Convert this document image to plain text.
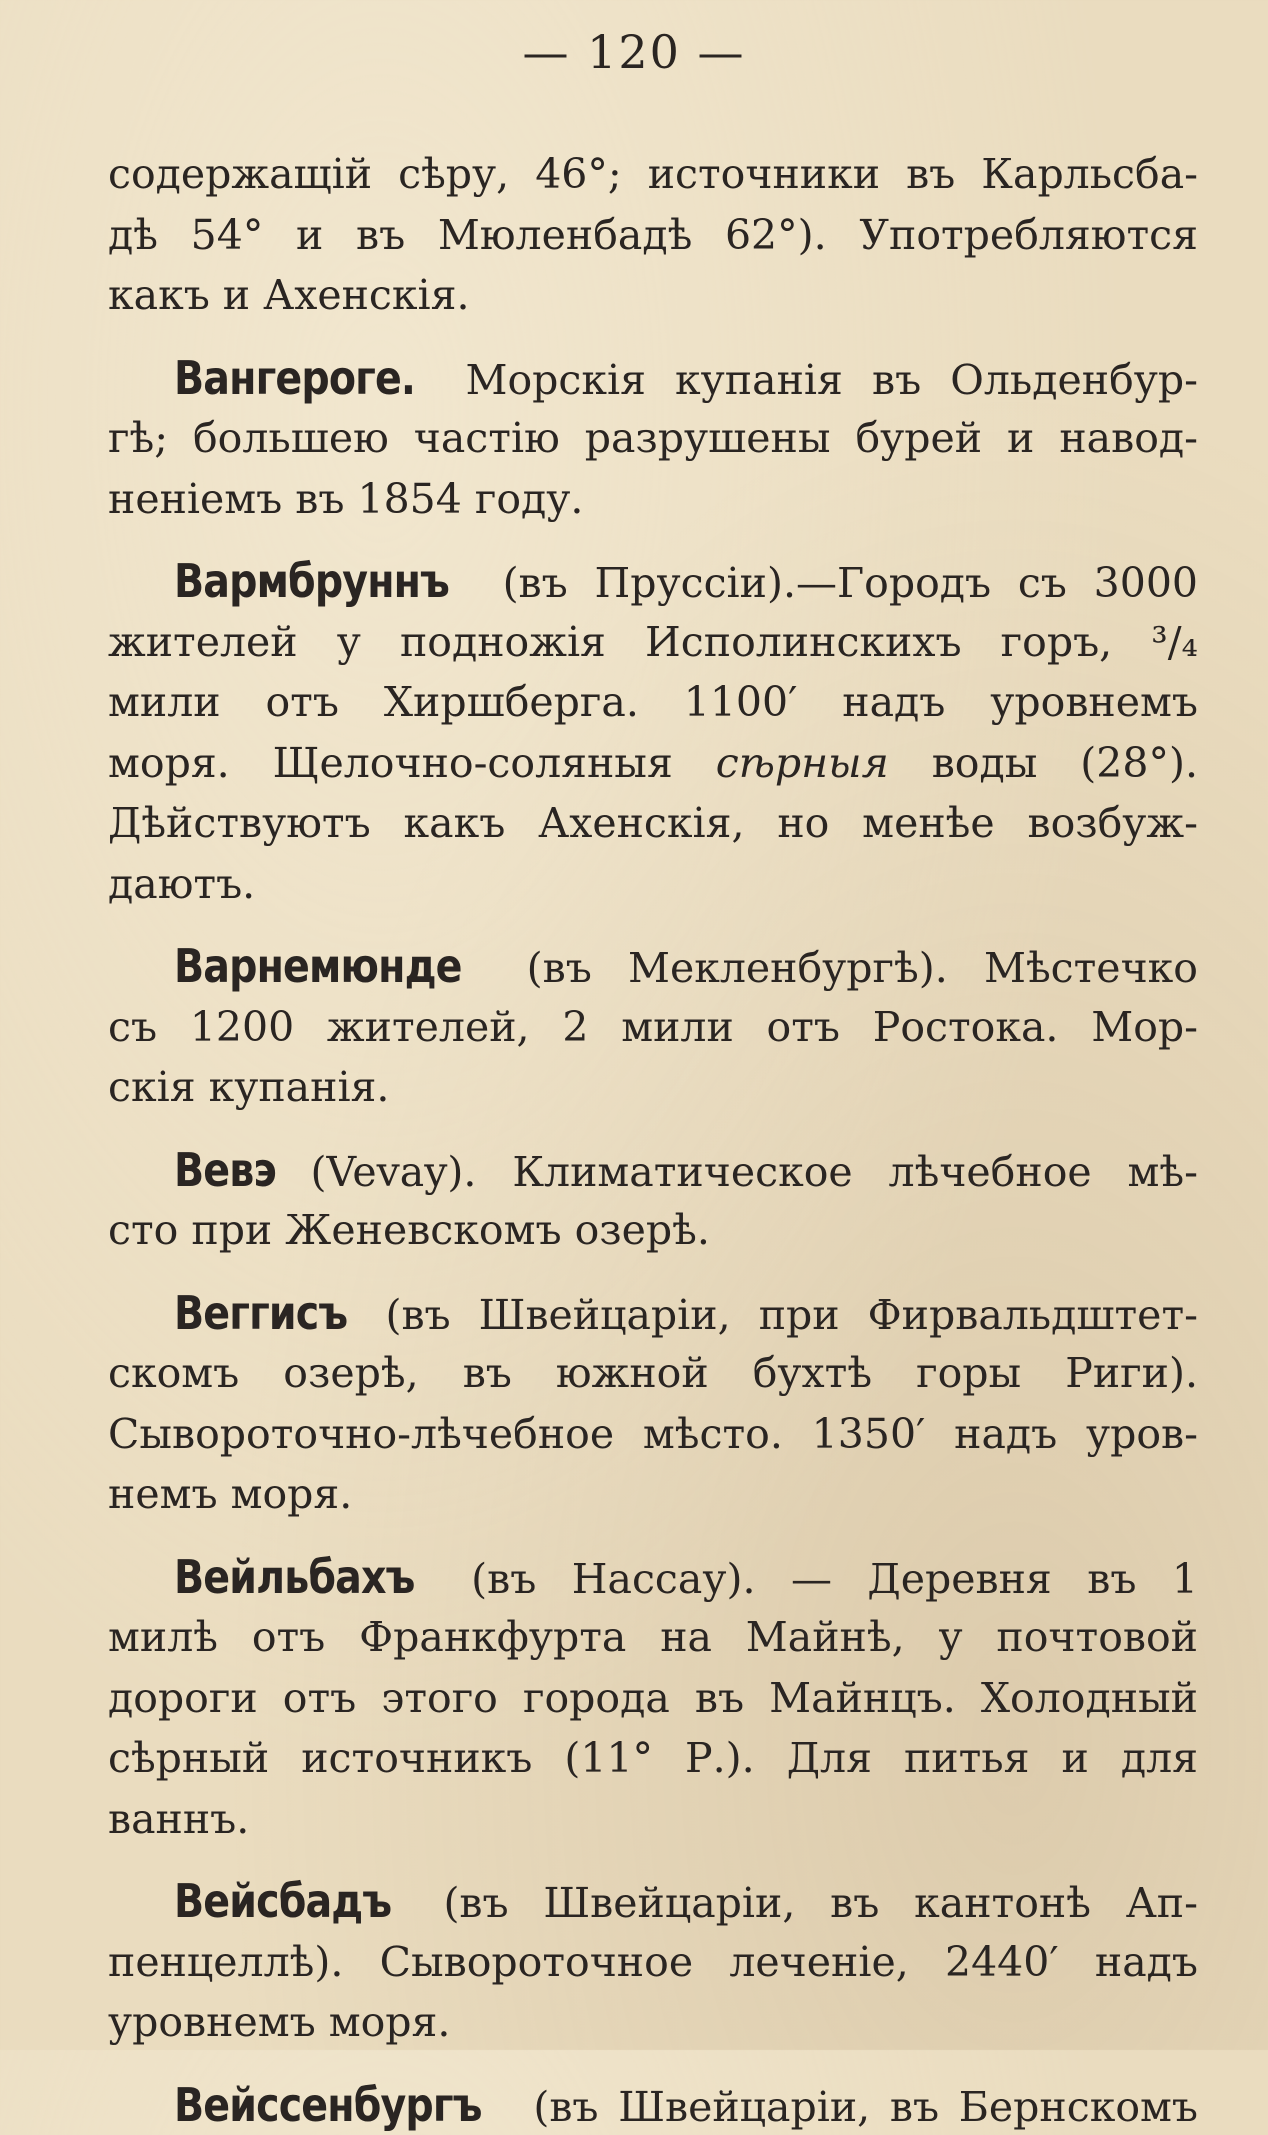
— 120 —
содержащій сѣру, 46°; источники въ Карльсба-
дѣ 54° и въ Мюленбадѣ 62°). Употребляются
какъ и Ахенскія.
Вангероге. Морскія купанія въ Ольденбур-
гѣ; большею частію разрушены бурей и навод-
неніемъ въ 1854 году.
Вармбруннъ (въ Пруссіи).—Городъ съ 3000
жителей у подножія Исполинскихъ горъ, ³/₄
мили отъ Хиршберга. 1100′ надъ уровнемъ
моря. Щелочно-соляныя сѣрныя воды (28°).
Дѣйствуютъ какъ Ахенскія, но менѣе возбуж-
даютъ.
Варнемюнде (въ Мекленбургѣ). Мѣстечко
съ 1200 жителей, 2 мили отъ Ростока. Мор-
скія купанія.
Вевэ (Vevay). Климатическое лѣчебное мѣ-
сто при Женевскомъ озерѣ.
Веггисъ (въ Швейцаріи, при Фирвальдштет-
скомъ озерѣ, въ южной бухтѣ горы Риги).
Сывороточно-лѣчебное мѣсто. 1350′ надъ уров-
немъ моря.
Вейльбахъ (въ Нассау). — Деревня въ 1
милѣ отъ Франкфурта на Майнѣ, у почтовой
дороги отъ этого города въ Майнцъ. Холодный
сѣрный источникъ (11° Р.). Для питья и для
ваннъ.
Вейсбадъ (въ Швейцаріи, въ кантонѣ Ап-
пенцеллѣ). Сывороточное леченіе, 2440′ надъ
уровнемъ моря.
Вейссенбургъ (въ Швейцаріи, въ Бернскомъ
